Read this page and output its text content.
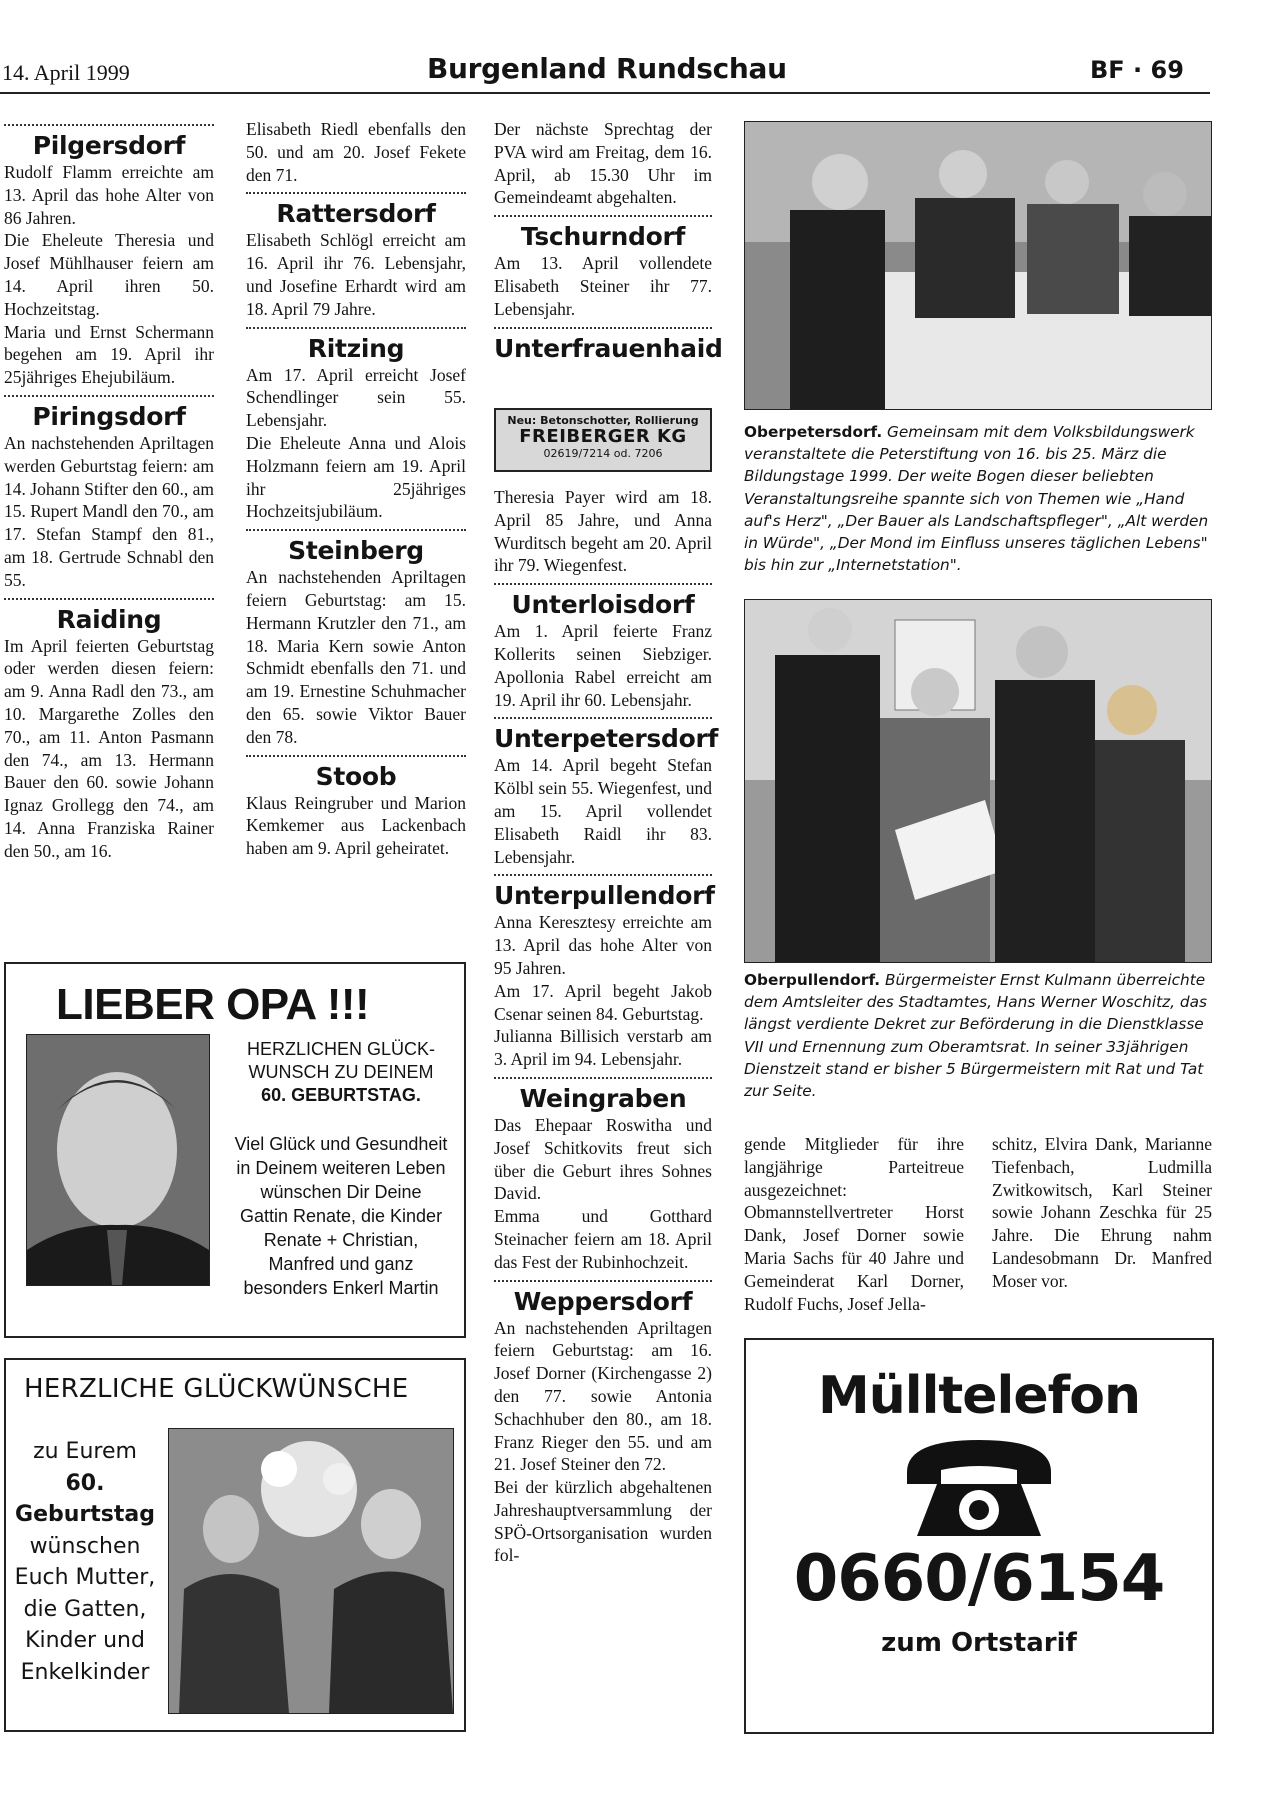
14. April 1999	Burgenland Rundschau	BF · 69
Pilgersdorf

Rudolf Flamm erreichte am 13. April das hohe Alter von 86 Jahren.

Die Eheleute Theresia und Josef Mühlhauser feiern am 14. April ihren 50. Hochzeitstag.

Maria und Ernst Schermann begehen am 19. April ihr 25jähriges Ehejubiläum.

Piringsdorf

An nachstehenden Apriltagen werden Geburtstag feiern: am 14. Johann Stifter den 60., am 15. Rupert Mandl den 70., am 17. Stefan Stampf den 81., am 18. Gertrude Schnabl den 55.

Raiding

Im April feierten Geburtstag oder werden diesen feiern: am 9. Anna Radl den 73., am 10. Margarethe Zolles den 70., am 11. Anton Pasmann den 74., am 13. Hermann Bauer den 60. sowie Johann Ignaz Grollegg den 74., am 14. Anna Franziska Rainer den 50., am 16.

Elisabeth Riedl ebenfalls den 50. und am 20. Josef Fekete den 71.

Rattersdorf

Elisabeth Schlögl erreicht am 16. April ihr 76. Lebensjahr, und Josefine Erhardt wird am 18. April 79 Jahre.

Ritzing

Am 17. April erreicht Josef Schendlinger sein 55. Lebensjahr.

Die Eheleute Anna und Alois Holzmann feiern am 19. April ihr 25jähriges Hochzeitsjubiläum.

Steinberg

An nachstehenden Apriltagen feiern Geburtstag: am 15. Hermann Krutzler den 71., am 18. Maria Kern sowie Anton Schmidt ebenfalls den 71. und am 19. Ernestine Schuhmacher den 65. sowie Viktor Bauer den 78.

Stoob

Klaus Reingruber und Marion Kemkemer aus Lackenbach haben am 9. April geheiratet.

Der nächste Sprechtag der PVA wird am Freitag, dem 16. April, ab 15.30 Uhr im Gemeindeamt abgehalten.

Tschurndorf

Am 13. April vollendete Elisabeth Steiner ihr 77. Lebensjahr.

Unterfrauenhaid
Neu: Betonschotter, Rollierung
FREIBERGER KG
02619/7214 od. 7206

Theresia Payer wird am 18. April 85 Jahre, und Anna Wurditsch begeht am 20. April ihr 79. Wiegenfest.

Unterloisdorf

Am 1. April feierte Franz Kollerits seinen Siebziger. Apollonia Rabel erreicht am 19. April ihr 60. Lebensjahr.

Unterpetersdorf

Am 14. April begeht Stefan Kölbl sein 55. Wiegenfest, und am 15. April vollendet Elisabeth Raidl ihr 83. Lebensjahr.

Unterpullendorf

Anna Keresztesy erreichte am 13. April das hohe Alter von 95 Jahren.

Am 17. April begeht Jakob Csenar seinen 84. Geburtstag.

Julianna Billisich verstarb am 3. April im 94. Lebensjahr.

Weingraben

Das Ehepaar Roswitha und Josef Schitkovits freut sich über die Geburt ihres Sohnes David.

Emma und Gotthard Steinacher feiern am 18. April das Fest der Rubinhochzeit.

Weppersdorf

An nachstehenden Apriltagen feiern Geburtstag: am 16. Josef Dorner (Kirchengasse 2) den 77. sowie Antonia Schachhuber den 80., am 18. Franz Rieger den 55. und am 21. Josef Steiner den 72.

Bei der kürzlich abgehaltenen Jahreshauptversammlung der SPÖ-Ortsorganisation wurden fol-

Oberpetersdorf. Gemeinsam mit dem Volksbildungswerk veranstaltete die Peterstiftung von 16. bis 25. März die Bildungstage 1999. Der weite Bogen dieser beliebten Veranstaltungsreihe spannte sich von Themen wie „Hand auf's Herz", „Der Bauer als Landschaftspfleger", „Alt werden in Würde", „Der Mond im Einfluss unseres täglichen Lebens" bis hin zur „Internetstation".
Oberpullendorf. Bürgermeister Ernst Kulmann überreichte dem Amtsleiter des Stadtamtes, Hans Werner Woschitz, das längst verdiente Dekret zur Beförderung in die Dienstklasse VII und Ernennung zum Oberamtsrat. In seiner 33jährigen Dienstzeit stand er bisher 5 Bürgermeistern mit Rat und Tat zur Seite.

gende Mitglieder für ihre langjährige Parteitreue ausgezeichnet: Obmannstellvertreter Horst Dank, Josef Dorner sowie Maria Sachs für 40 Jahre und Gemeinderat Karl Dorner, Rudolf Fuchs, Josef Jella-

schitz, Elvira Dank, Marianne Tiefenbach, Ludmilla Zwitkowitsch, Karl Steiner sowie Johann Zeschka für 25 Jahre. Die Ehrung nahm Landesobmann Dr. Manfred Moser vor.

LIEBER OPA !!!
HERZLICHEN GLÜCK-
WUNSCH ZU DEINEM
60. GEBURTSTAG.
Viel Glück und Gesundheit
in Deinem weiteren Leben
wünschen Dir Deine
Gattin Renate, die Kinder
Renate + Christian,
Manfred und ganz
besonders Enkerl Martin
HERZLICHE GLÜCKWÜNSCHE
zu Eurem
60.
Geburtstag
wünschen
Euch Mutter,
die Gatten,
Kinder und
Enkelkinder
Mülltelefon
0660/6154
zum Ortstarif
